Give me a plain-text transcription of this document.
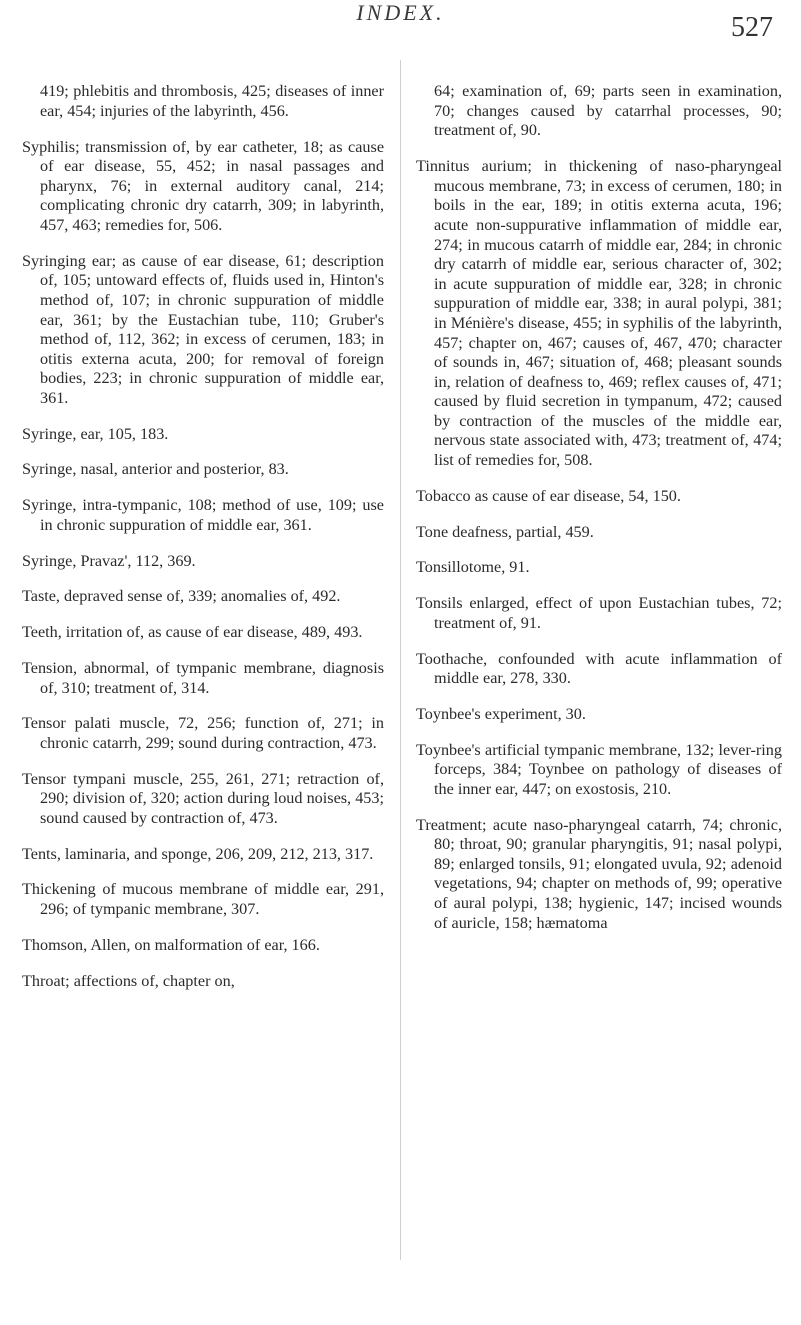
INDEX.	527

419; phlebitis and thrombosis, 425; diseases of inner ear, 454; injuries of the labyrinth, 456.

Syphilis; transmission of, by ear catheter, 18; as cause of ear disease, 55, 452; in nasal passages and pharynx, 76; in external auditory canal, 214; complicating chronic dry catarrh, 309; in labyrinth, 457, 463; remedies for, 506.

Syringing ear; as cause of ear disease, 61; description of, 105; untoward effects of, fluids used in, Hinton's method of, 107; in chronic suppuration of middle ear, 361; by the Eustachian tube, 110; Gruber's method of, 112, 362; in excess of cerumen, 183; in otitis externa acuta, 200; for removal of foreign bodies, 223; in chronic suppuration of middle ear, 361.

Syringe, ear, 105, 183.

Syringe, nasal, anterior and posterior, 83.

Syringe, intra-tympanic, 108; method of use, 109; use in chronic suppuration of middle ear, 361.

Syringe, Pravaz', 112, 369.

Taste, depraved sense of, 339; anomalies of, 492.

Teeth, irritation of, as cause of ear disease, 489, 493.

Tension, abnormal, of tympanic membrane, diagnosis of, 310; treatment of, 314.

Tensor palati muscle, 72, 256; function of, 271; in chronic catarrh, 299; sound during contraction, 473.

Tensor tympani muscle, 255, 261, 271; retraction of, 290; division of, 320; action during loud noises, 453; sound caused by contraction of, 473.

Tents, laminaria, and sponge, 206, 209, 212, 213, 317.

Thickening of mucous membrane of middle ear, 291, 296; of tympanic membrane, 307.

Thomson, Allen, on malformation of ear, 166.

Throat; affections of, chapter on,

64; examination of, 69; parts seen in examination, 70; changes caused by catarrhal processes, 90; treatment of, 90.

Tinnitus aurium; in thickening of naso-pharyngeal mucous membrane, 73; in excess of cerumen, 180; in boils in the ear, 189; in otitis externa acuta, 196; acute non-suppurative inflammation of middle ear, 274; in mucous catarrh of middle ear, 284; in chronic dry catarrh of middle ear, serious character of, 302; in acute suppuration of middle ear, 328; in chronic suppuration of middle ear, 338; in aural polypi, 381; in Ménière's disease, 455; in syphilis of the labyrinth, 457; chapter on, 467; causes of, 467, 470; character of sounds in, 467; situation of, 468; pleasant sounds in, relation of deafness to, 469; reflex causes of, 471; caused by fluid secretion in tympanum, 472; caused by contraction of the muscles of the middle ear, nervous state associated with, 473; treatment of, 474; list of remedies for, 508.

Tobacco as cause of ear disease, 54, 150.

Tone deafness, partial, 459.

Tonsillotome, 91.

Tonsils enlarged, effect of upon Eustachian tubes, 72; treatment of, 91.

Toothache, confounded with acute inflammation of middle ear, 278, 330.

Toynbee's experiment, 30.

Toynbee's artificial tympanic membrane, 132; lever-ring forceps, 384; Toynbee on pathology of diseases of the inner ear, 447; on exostosis, 210.

Treatment; acute naso-pharyngeal catarrh, 74; chronic, 80; throat, 90; granular pharyngitis, 91; nasal polypi, 89; enlarged tonsils, 91; elongated uvula, 92; adenoid vegetations, 94; chapter on methods of, 99; operative of aural polypi, 138; hygienic, 147; incised wounds of auricle, 158; hæmatoma
